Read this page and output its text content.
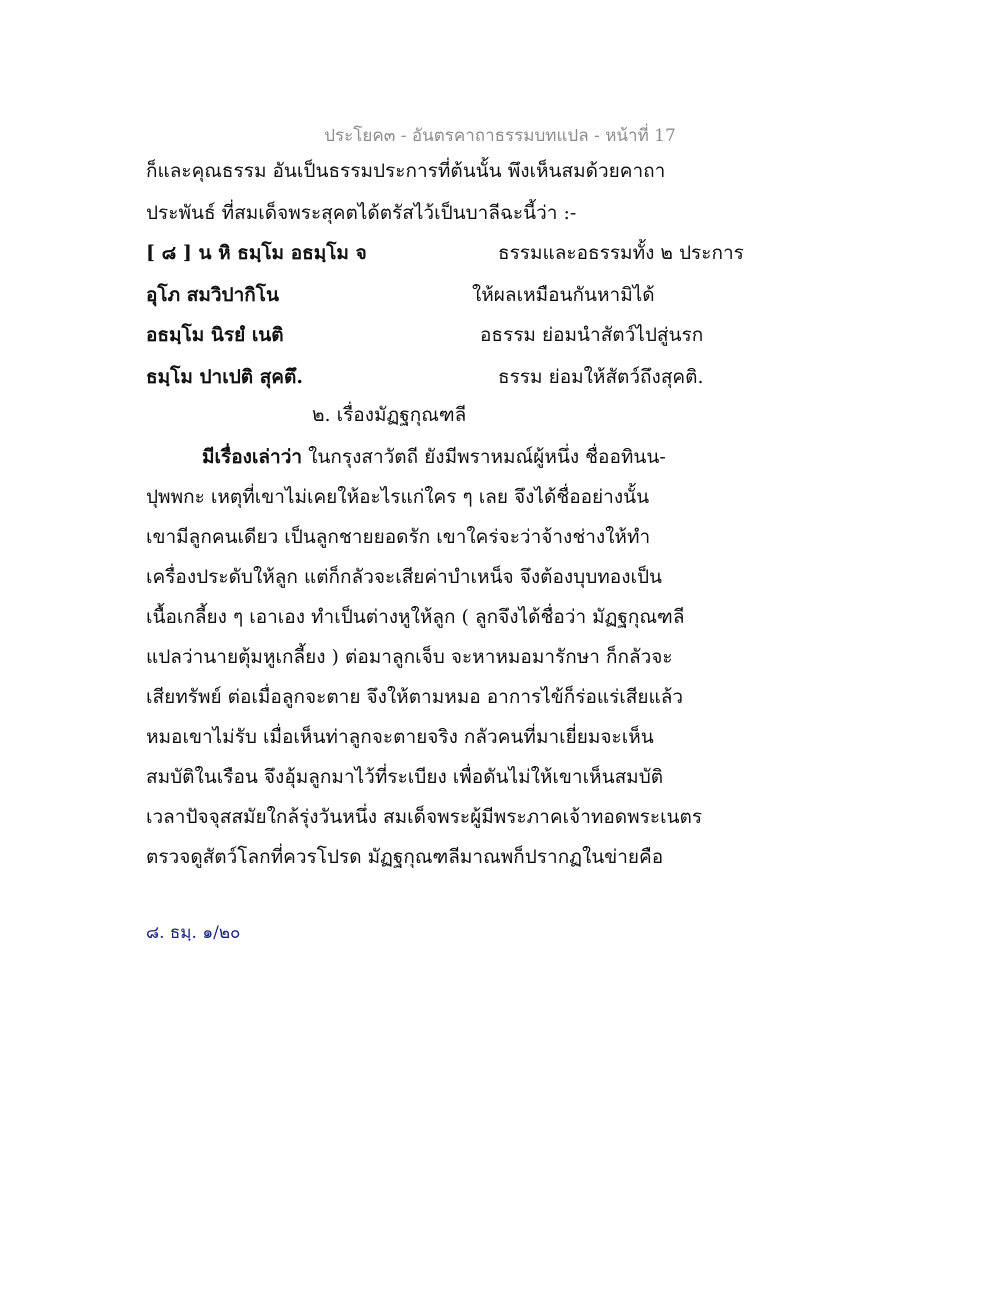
ประโยค๓ - อันตรคาถาธรรมบทแปล - หน้าที่ 17
ก็และคุณธรรม อันเป็นธรรมประการที่ต้นนั้น พึงเห็นสมด้วยคาถา
ประพันธ์ ที่สมเด็จพระสุคตได้ตรัสไว้เป็นบาลีฉะนี้ว่า :-
[ ๘ ] น หิ ธมฺโม อธมฺโม จ	ธรรมและอธรรมทั้ง ๒ ประการ
อุโภ สมวิปากิโน	ให้ผลเหมือนกันหามิได้
อธมฺโม นิรยํ เนติ	อธรรม ย่อมนำสัตว์ไปสู่นรก
ธมฺโม ปาเปติ สุคตึ.	ธรรม ย่อมให้สัตว์ถึงสุคติ.
๒. เรื่องมัฏฐกุณฑลี
มีเรื่องเล่าว่า ในกรุงสาวัตถี ยังมีพราหมณ์ผู้หนึ่ง ชื่ออทินน-
ปุพพกะ เหตุที่เขาไม่เคยให้อะไรแก่ใคร ๆ เลย จึงได้ชื่ออย่างนั้น
เขามีลูกคนเดียว เป็นลูกชายยอดรัก เขาใคร่จะว่าจ้างช่างให้ทำ
เครื่องประดับให้ลูก แต่ก็กลัวจะเสียค่าบำเหน็จ จึงต้องบุบทองเป็น
เนื้อเกลี้ยง ๆ เอาเอง ทำเป็นต่างหูให้ลูก ( ลูกจึงได้ชื่อว่า มัฏฐกุณฑลี
แปลว่านายตุ้มหูเกลี้ยง ) ต่อมาลูกเจ็บ จะหาหมอมารักษา ก็กลัวจะ
เสียทรัพย์ ต่อเมื่อลูกจะตาย จึงให้ตามหมอ อาการไข้ก็ร่อแร่เสียแล้ว
หมอเขาไม่รับ เมื่อเห็นท่าลูกจะตายจริง กลัวคนที่มาเยี่ยมจะเห็น
สมบัติในเรือน จึงอุ้มลูกมาไว้ที่ระเบียง เพื่อดันไม่ให้เขาเห็นสมบัติ
เวลาปัจจุสสมัยใกล้รุ่งวันหนึ่ง สมเด็จพระผู้มีพระภาคเจ้าทอดพระเนตร
ตรวจดูสัตว์โลกที่ควรโปรด มัฏฐกุณฑลีมาณพก็ปรากฏในข่ายคือ
๘. ธมฺ. ๑/๒๐
